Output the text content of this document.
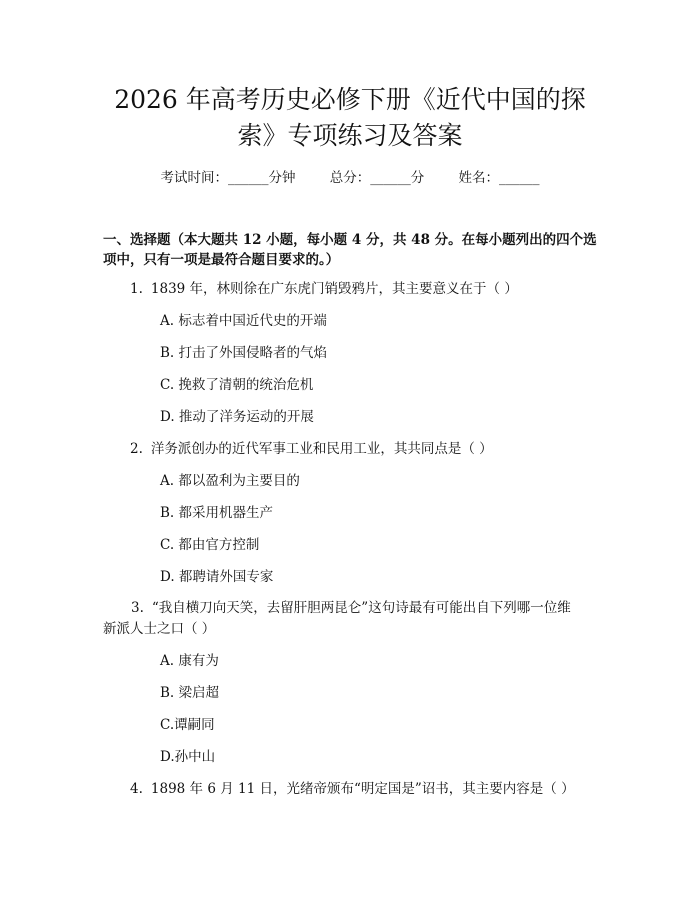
2026 年高考历史必修下册《近代中国的探
索》专项练习及答案
考试时间：______分钟	总分：______分	姓名：______
一、选择题（本大题共 12 小题，每小题 4 分，共 48 分。在每小题列出的四个选
项中，只有一项是最符合题目要求的。）
1. 1839 年，林则徐在广东虎门销毁鸦片，其主要意义在于（ ）
A. 标志着中国近代史的开端
B. 打击了外国侵略者的气焰
C. 挽救了清朝的统治危机
D. 推动了洋务运动的开展
2. 洋务派创办的近代军事工业和民用工业，其共同点是（ ）
A. 都以盈利为主要目的
B. 都采用机器生产
C. 都由官方控制
D. 都聘请外国专家
3. “我自横刀向天笑，去留肝胆两昆仑”这句诗最有可能出自下列哪一位维
新派人士之口（ ）
A. 康有为
B. 梁启超
C.谭嗣同
D.孙中山
4. 1898 年 6 月 11 日，光绪帝颁布“明定国是”诏书，其主要内容是（ ）
